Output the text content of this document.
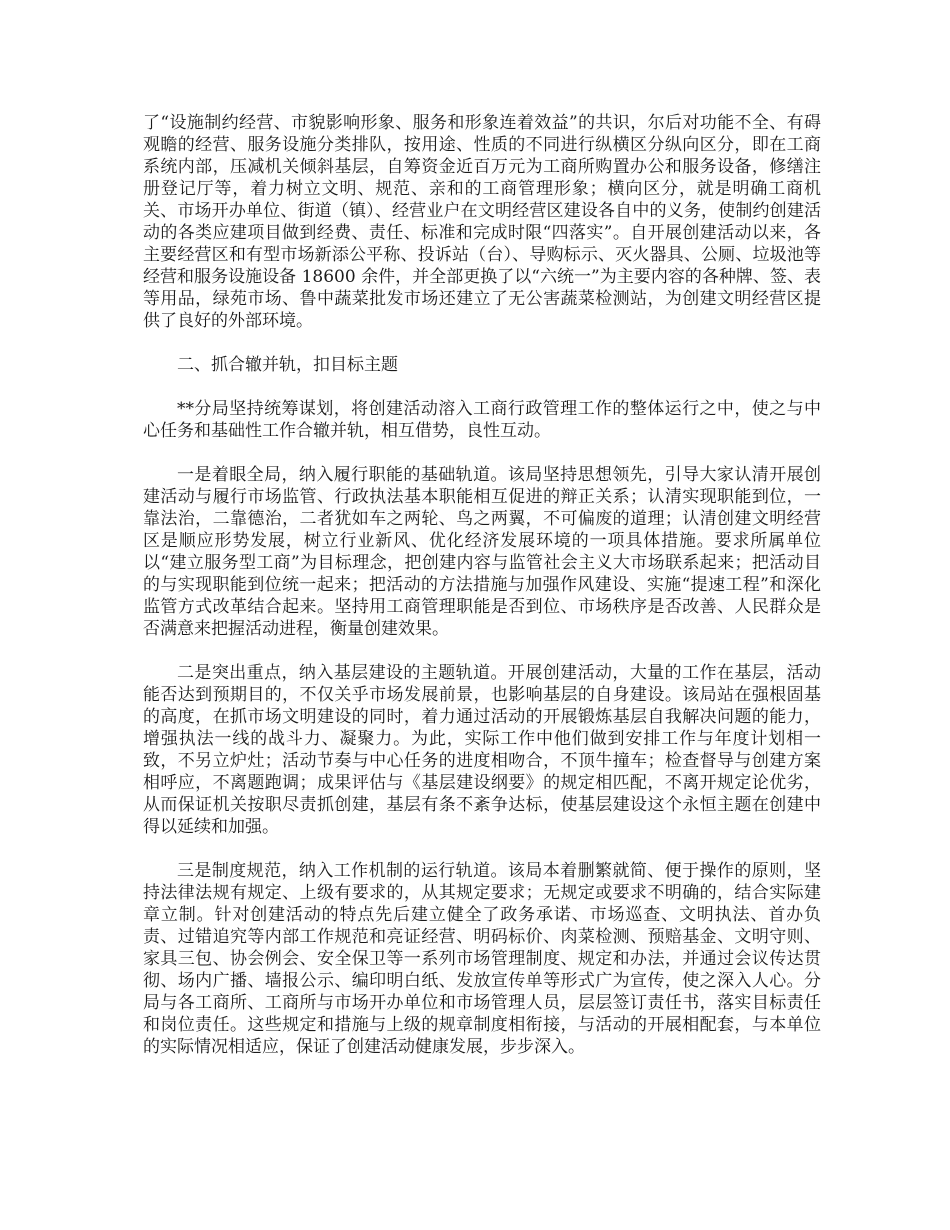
了“设施制约经营、市貌影响形象、服务和形象连着效益”的共识，尔后对功能不全、有碍观瞻的经营、服务设施分类排队，按用途、性质的不同进行纵横区分纵向区分，即在工商系统内部，压减机关倾斜基层，自筹资金近百万元为工商所购置办公和服务设备，修缮注册登记厅等，着力树立文明、规范、亲和的工商管理形象；横向区分，就是明确工商机关、市场开办单位、街道（镇）、经营业户在文明经营区建设各自中的义务，使制约创建活动的各类应建项目做到经费、责任、标准和完成时限“四落实”。自开展创建活动以来，各主要经营区和有型市场新添公平称、投诉站（台）、导购标示、灭火器具、公厕、垃圾池等经营和服务设施设备 18600 余件，并全部更换了以“六统一”为主要内容的各种牌、签、表等用品，绿苑市场、鲁中蔬菜批发市场还建立了无公害蔬菜检测站，为创建文明经营区提供了良好的外部环境。

二、抓合辙并轨，扣目标主题

**分局坚持统筹谋划，将创建活动溶入工商行政管理工作的整体运行之中，使之与中心任务和基础性工作合辙并轨，相互借势，良性互动。

一是着眼全局，纳入履行职能的基础轨道。该局坚持思想领先，引导大家认清开展创建活动与履行市场监管、行政执法基本职能相互促进的辩正关系；认清实现职能到位，一靠法治，二靠德治，二者犹如车之两轮、鸟之两翼，不可偏废的道理；认清创建文明经营区是顺应形势发展，树立行业新风、优化经济发展环境的一项具体措施。要求所属单位以“建立服务型工商”为目标理念，把创建内容与监管社会主义大市场联系起来；把活动目的与实现职能到位统一起来；把活动的方法措施与加强作风建设、实施“提速工程”和深化监管方式改革结合起来。坚持用工商管理职能是否到位、市场秩序是否改善、人民群众是否满意来把握活动进程，衡量创建效果。

二是突出重点，纳入基层建设的主题轨道。开展创建活动，大量的工作在基层，活动能否达到预期目的，不仅关乎市场发展前景，也影响基层的自身建设。该局站在强根固基的高度，在抓市场文明建设的同时，着力通过活动的开展锻炼基层自我解决问题的能力，增强执法一线的战斗力、凝聚力。为此，实际工作中他们做到安排工作与年度计划相一致，不另立炉灶；活动节奏与中心任务的进度相吻合，不顶牛撞车；检查督导与创建方案相呼应，不离题跑调；成果评估与《基层建设纲要》的规定相匹配，不离开规定论优劣，从而保证机关按职尽责抓创建，基层有条不紊争达标，使基层建设这个永恒主题在创建中得以延续和加强。

三是制度规范，纳入工作机制的运行轨道。该局本着删繁就简、便于操作的原则，坚持法律法规有规定、上级有要求的，从其规定要求；无规定或要求不明确的，结合实际建章立制。针对创建活动的特点先后建立健全了政务承诺、市场巡查、文明执法、首办负责、过错追究等内部工作规范和亮证经营、明码标价、肉菜检测、预赔基金、文明守则、家具三包、协会例会、安全保卫等一系列市场管理制度、规定和办法，并通过会议传达贯彻、场内广播、墙报公示、编印明白纸、发放宣传单等形式广为宣传，使之深入人心。分局与各工商所、工商所与市场开办单位和市场管理人员，层层签订责任书，落实目标责任和岗位责任。这些规定和措施与上级的规章制度相衔接，与活动的开展相配套，与本单位的实际情况相适应，保证了创建活动健康发展，步步深入。
